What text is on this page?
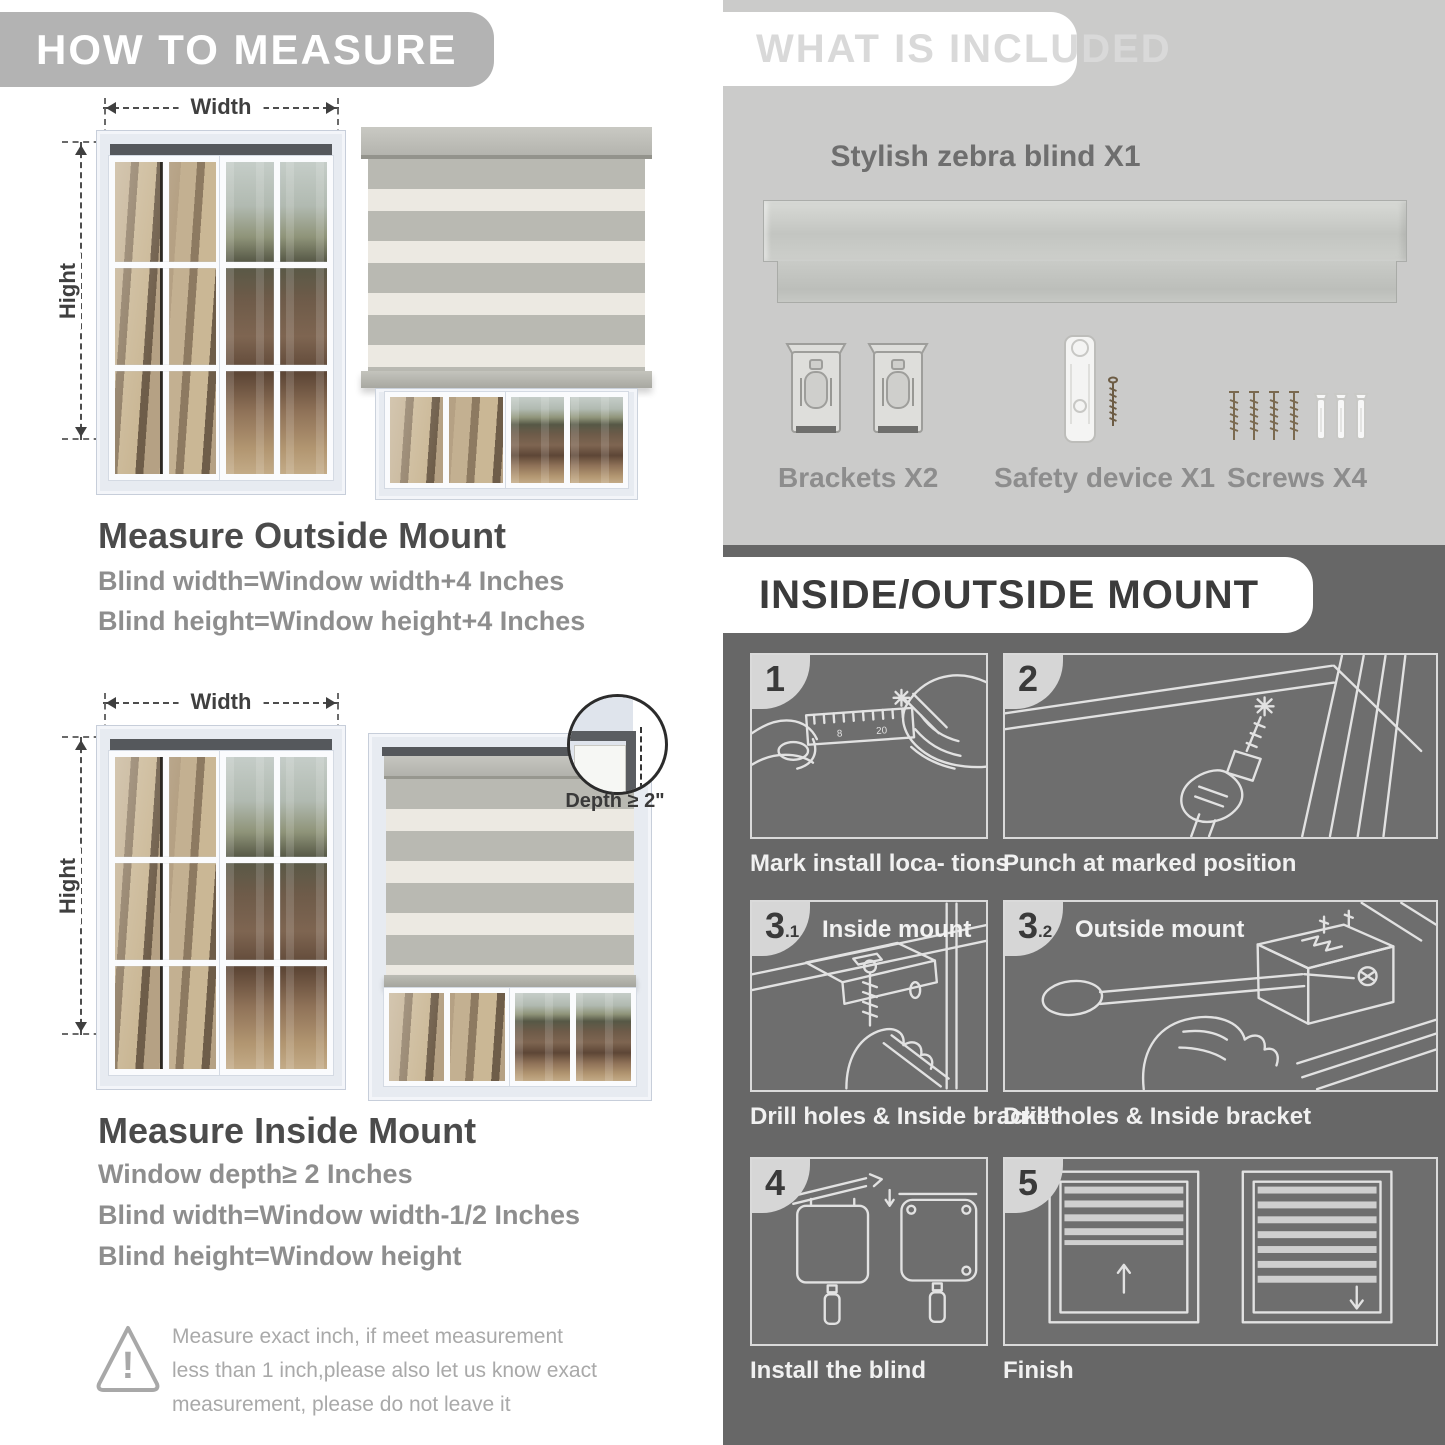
HOW TO MEASURE
Width
Hight
Measure Outside Mount

Blind width=Window width+4 Inches

Blind height=Window height+4 Inches

Width
Hight
Depth ≥ 2"
Measure Inside Mount

Window depth≥ 2 Inches

Blind width=Window width-1/2 Inches

Blind height=Window height

!
Measure exact inch, if meet measurement less than 1 inch,please also let us know exact measurement, please do not leave it
WHAT IS INCLUDED
Stylish zebra blind X1
Brackets X2 Safety device X1 Screws X4
INSIDE/OUTSIDE MOUNT
8	20
1
Mark install loca- tions
2
Punch at marked position
3 .1 Inside mount
Drill holes & Inside bracket
3 .2 Outside mount
Drill holes & Inside bracket
4
Install the blind
5
Finish
